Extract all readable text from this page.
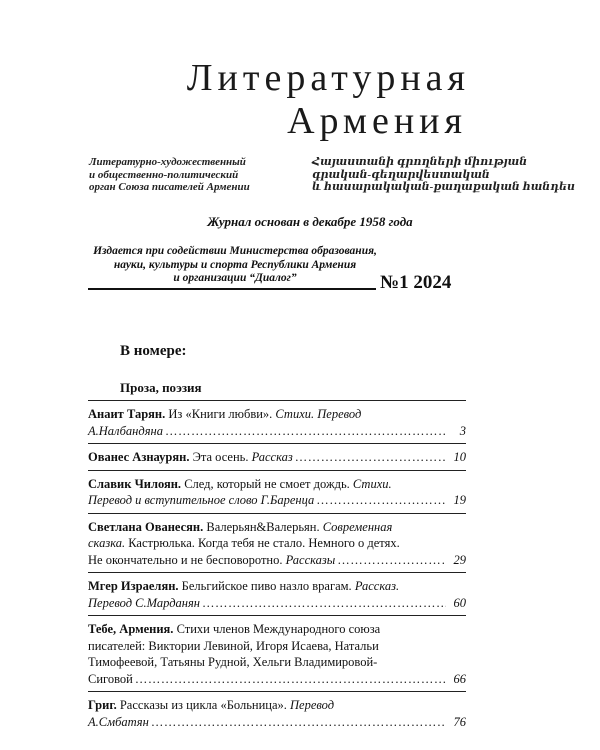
Литературная
Армения
Литературно-художественный
и общественно-политический
орган Союза писателей Армении
Հայաստանի գրողների միության
գրական-գեղարվեստական
և հասարակական-քաղաքական հանդես
Журнал основан в декабре 1958 года
Издается при содействии Министерства образования,
науки, культуры и спорта Республики Армения
и организации “Диалог”	№1 2024
В номере:
Проза, поэзия
Анаит Тарян. Из «Книги любви». Стихи. Перевод
А.Налбандяна ………………………………………………………………………………………………………………	3
Ованес Азнаурян. Эта осень. Рассказ ………………………………………………………………………………………………………………	10
Славик Чилоян. След, который не смоет дождь. Стихи.
Перевод и вступительное слово Г.Баренца ………………………………………………………………………………………………………………	19
Светлана Ованесян. Валерьян&Валерьян. Современная
сказка. Кастрюлька. Когда тебя не стало. Немного о детях.
Не окончательно и не бесповоротно. Рассказы ………………………………………………………………………………………………………………	29
Мгер Израелян. Бельгийское пиво назло врагам. Рассказ.
Перевод С.Марданян ………………………………………………………………………………………………………………	60
Тебе, Армения. Стихи членов Международного союза
писателей: Виктории Левиной, Игоря Исаева, Натальи
Тимофеевой, Татьяны Рудной, Хельги Владимировой-
Сиговой ………………………………………………………………………………………………………………	66
Григ. Рассказы из цикла «Больница». Перевод
А.Смбатян ………………………………………………………………………………………………………………	76
